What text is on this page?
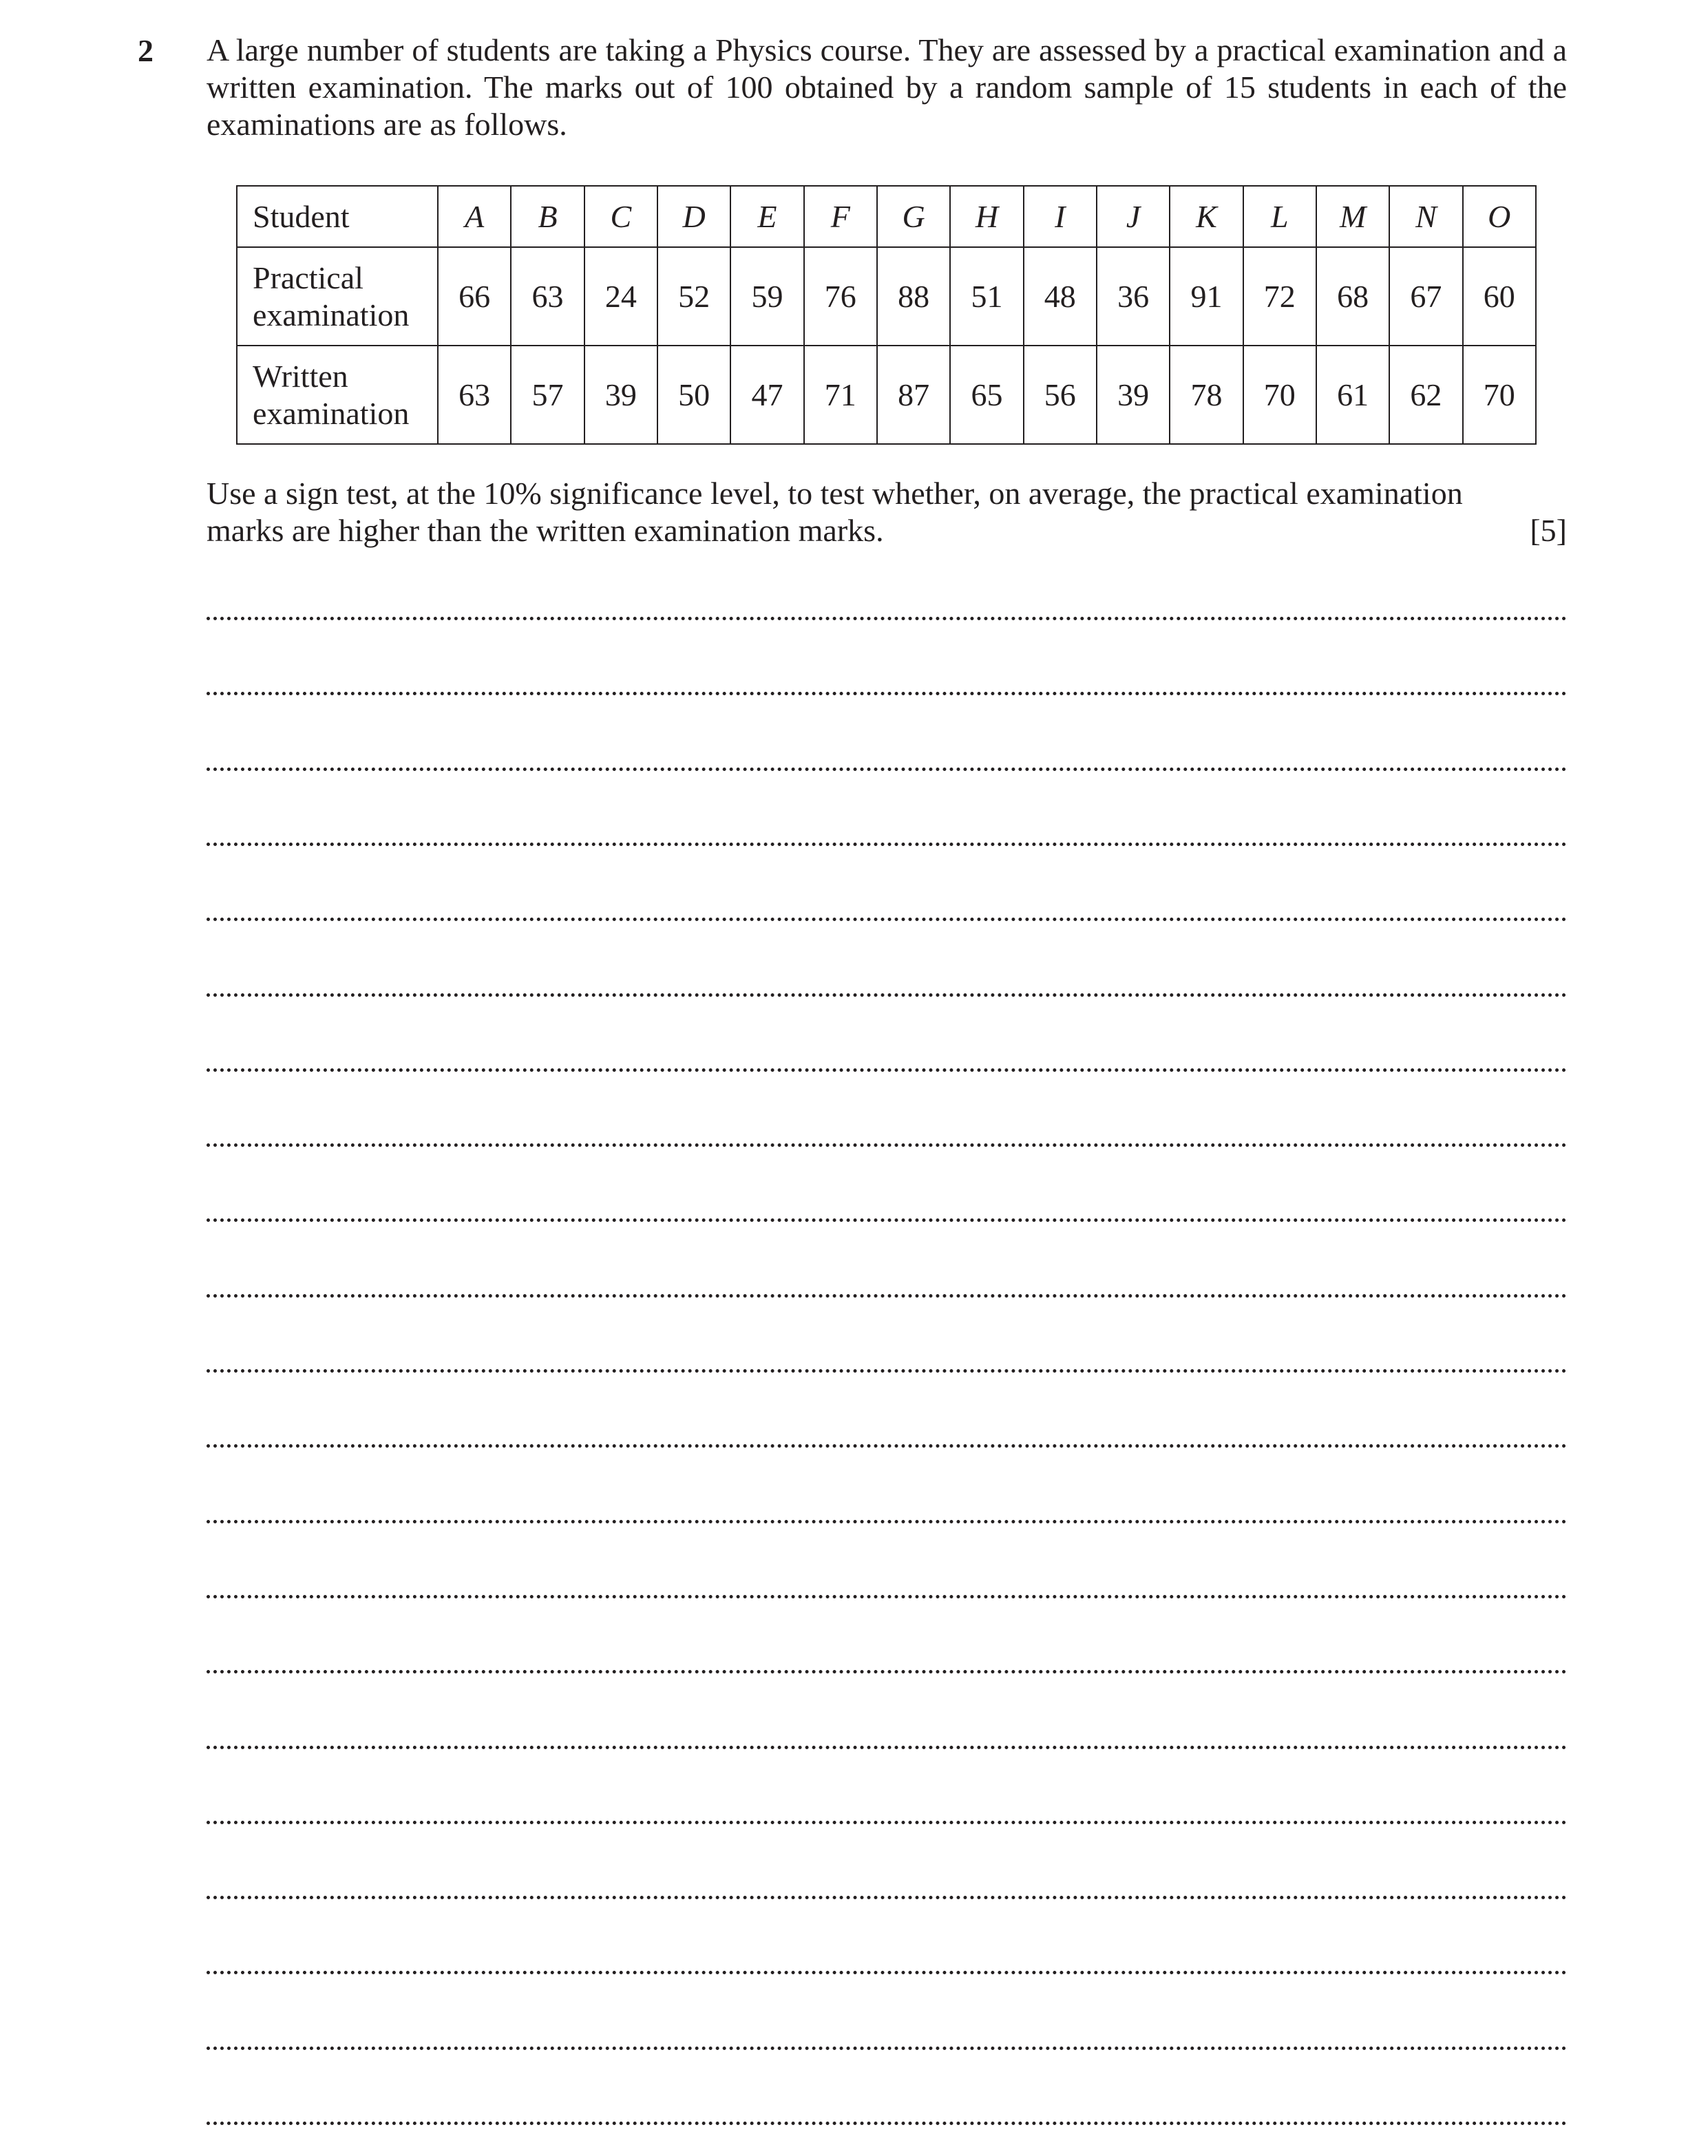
2 A large number of students are taking a Physics course. They are assessed by a practical examination and a written examination. The marks out of 100 obtained by a random sample of 15 students in each of the examinations are as follows.
Student	A	B	C	D	E	F	G	H	I	J	K	L	M	N	O
Practical
examination	66	63	24	52	59	76	88	51	48	36	91	72	68	67	60
Written
examination	63	57	39	50	47	71	87	65	56	39	78	70	61	62	70

Use a sign test, at the 10% significance level, to test whether, on average, the practical examination

marks are higher than the written examination marks.	[5]
